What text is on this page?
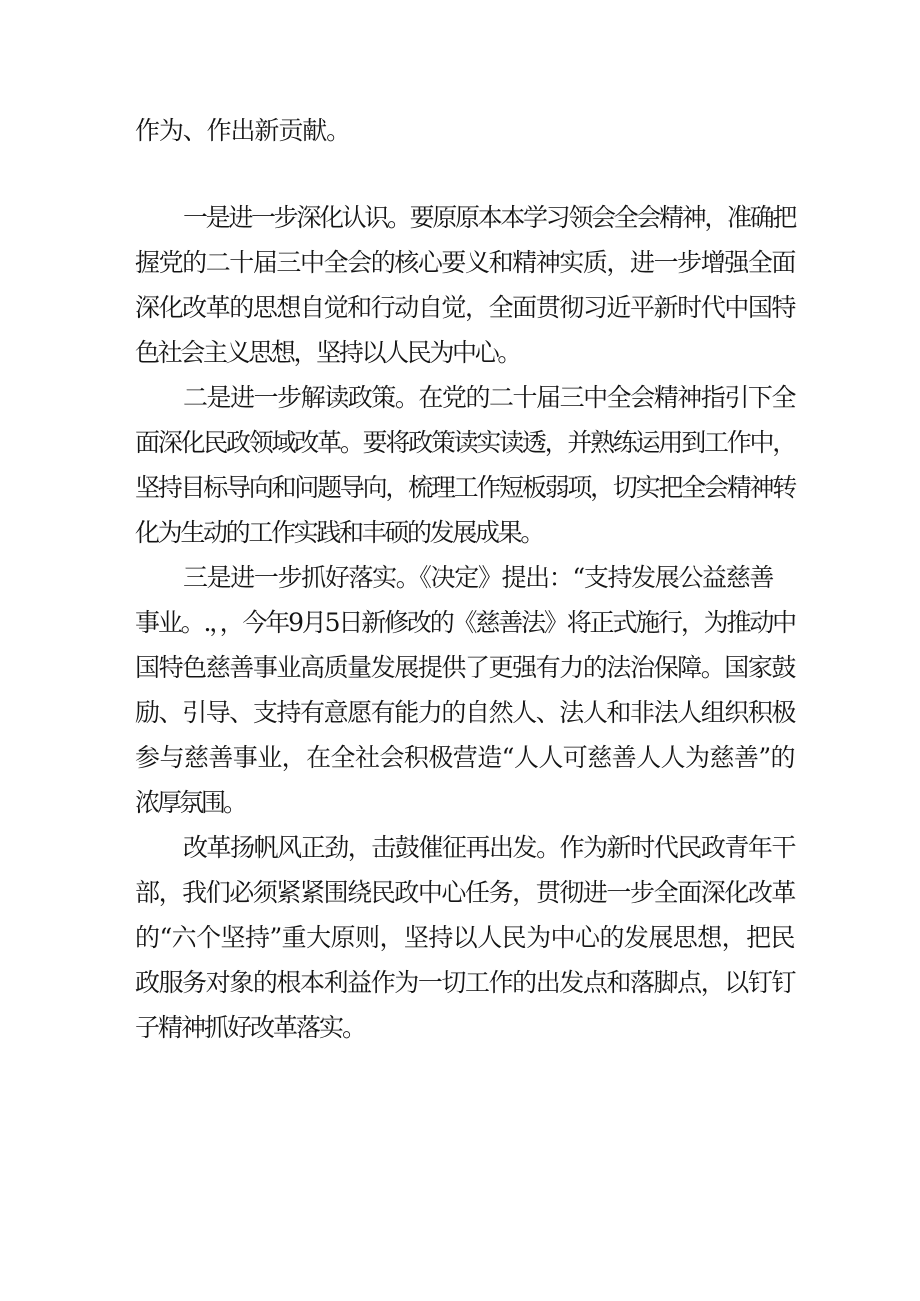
作为、作出新贡献。

一是进一步深化认识。要原原本本学习领会全会精神，准确把

握党的二十届三中全会的核心要义和精神实质，进一步增强全面

深化改革的思想自觉和行动自觉，全面贯彻习近平新时代中国特

色社会主义思想，坚持以人民为中心。

二是进一步解读政策。在党的二十届三中全会精神指引下全

面深化民政领域改革。要将政策读实读透，并熟练运用到工作中，

坚持目标导向和问题导向，梳理工作短板弱项，切实把全会精神转

化为生动的工作实践和丰硕的发展成果。

三是进一步抓好落实。《决定》提出：“支持发展公益慈善

事业。.，，今年9月5日新修改的《慈善法》将正式施行，为推动中

国特色慈善事业高质量发展提供了更强有力的法治保障。国家鼓

励、引导、支持有意愿有能力的自然人、法人和非法人组织积极

参与慈善事业，在全社会积极营造“人人可慈善人人为慈善”的

浓厚氛围。

改革扬帆风正劲，击鼓催征再出发。作为新时代民政青年干

部，我们必须紧紧围绕民政中心任务，贯彻进一步全面深化改革

的“六个坚持”重大原则，坚持以人民为中心的发展思想，把民

政服务对象的根本利益作为一切工作的出发点和落脚点，以钉钉

子精神抓好改革落实。
